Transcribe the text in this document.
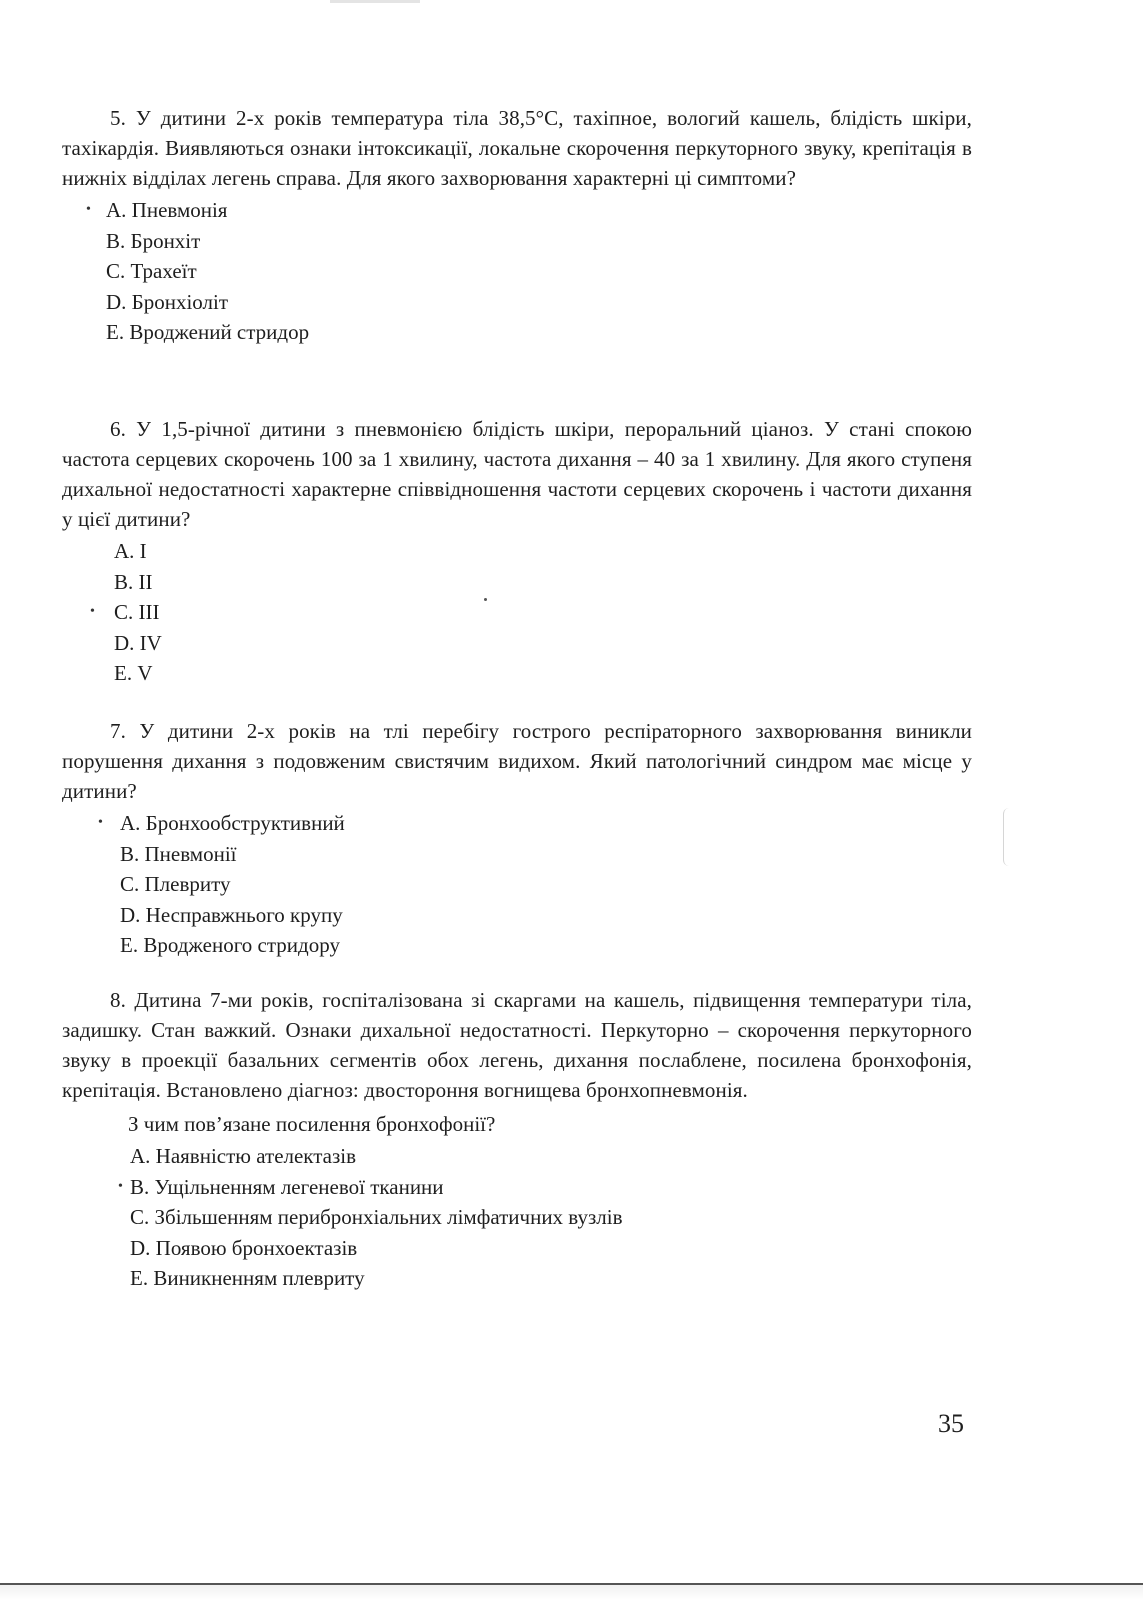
5. У дитини 2-х років температура тіла 38,5°С, тахіпное, вологий кашель, блідість шкіри, тахікардія. Виявляються ознаки інтоксикації, локальне скорочення перкуторного звуку, крепітація в нижніх відділах легень справа. Для якого захворювання характерні ці симптоми?

• А. Пневмонія
В. Бронхіт
С. Трахеїт
D. Бронхіоліт
Е. Вроджений стридор

6. У 1,5-річної дитини з пневмонією блідість шкіри, пероральний ціаноз. У стані спокою частота серцевих скорочень 100 за 1 хвилину, частота дихання – 40 за 1 хвилину. Для якого ступеня дихальної недостатності характерне співвідношення частоти серцевих скорочень і частоти дихання у цієї дитини?

А. I
В. II
• С. III
D. IV
Е. V

7. У дитини 2-х років на тлі перебігу гострого респіраторного захворювання виникли порушення дихання з подовженим свистячим видихом. Який патологічний синдром має місце у дитини?

• А. Бронхообструктивний
В. Пневмонії
С. Плевриту
D. Несправжнього крупу
Е. Вродженого стридору

8. Дитина 7-ми років, госпіталізована зі скаргами на кашель, підвищення температури тіла, задишку. Стан важкий. Ознаки дихальної недостатності. Перкуторно – скорочення перкуторного звуку в проекції базальних сегментів обох легень, дихання послаблене, посилена бронхофонія, крепітація. Встановлено діагноз: двостороння вогнищева бронхопневмонія.

З чим пов’язане посилення бронхофонії?

А. Наявністю ателектазів
• В. Ущільненням легеневої тканини
С. Збільшенням перибронхіальних лімфатичних вузлів
D. Появою бронхоектазів
Е. Виникненням плевриту
35
